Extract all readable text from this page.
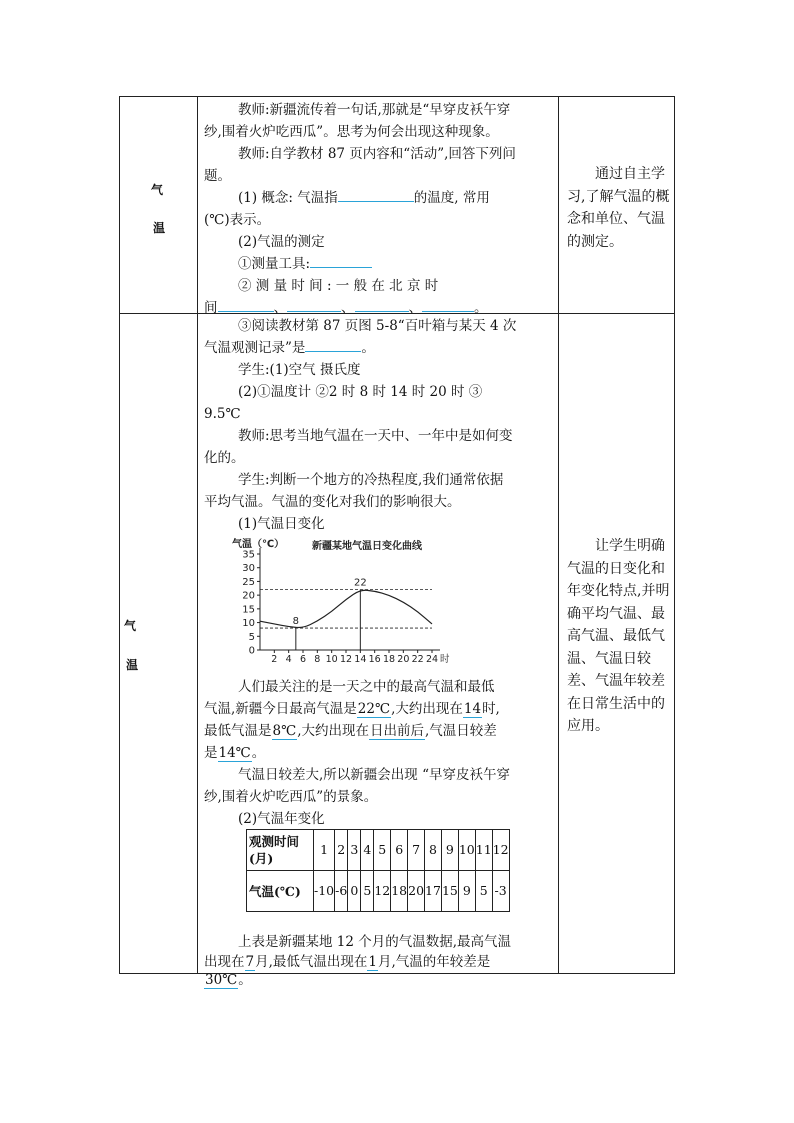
气
温
教师:新疆流传着一句话,那就是“早穿皮袄午穿
纱,围着火炉吃西瓜”。思考为何会出现这种现象。
教师:自学教材 87 页内容和“活动”,回答下列问
题。
(1) 概念: 气温指	的温度, 常用
(℃)表示。
(2)气温的测定
①测量工具:
② 测 量 时 间 : 一 般 在 北 京 时
间	、	、	、	。
通过自主学习,了解气温的概念和单位、气温的测定。
气
温
③阅读教材第 87 页图 5-8“百叶箱与某天 4 次
气温观测记录”是	。
学生:(1)空气 摄氏度
(2)①温度计 ②2 时 8 时 14 时 20 时 ③
9.5℃
教师:思考当地气温在一天中、一年中是如何变
化的。
学生:判断一个地方的冷热程度,我们通常依据
平均气温。气温的变化对我们的影响很大。
(1)气温日变化
0
5
10
15
20
25
30
35
2 4 6 8 10 12 14 16 18 20 22 24 时
气温（℃）	新疆某地气温日变化曲线
22
8
人们最关注的是一天之中的最高气温和最低
气温,新疆今日最高气温是22℃,大约出现在14时,
最低气温是8℃,大约出现在日出前后,气温日较差
是14℃。
气温日较差大,所以新疆会出现 “早穿皮袄午穿
纱,围着火炉吃西瓜”的景象。
(2)气温年变化
观测时间(月)	1	2	3	4	5	6	7	8	9	10	11	12
气温(℃)	-10	-6	0	5	12	18	20	17	15	9	5	-3
上表是新疆某地 12 个月的气温数据,最高气温
出现在7月,最低气温出现在1月,气温的年较差是
30℃。
让学生明确气温的日变化和年变化特点,并明确平均气温、最高气温、最低气温、气温日较差、气温年较差在日常生活中的应用。
